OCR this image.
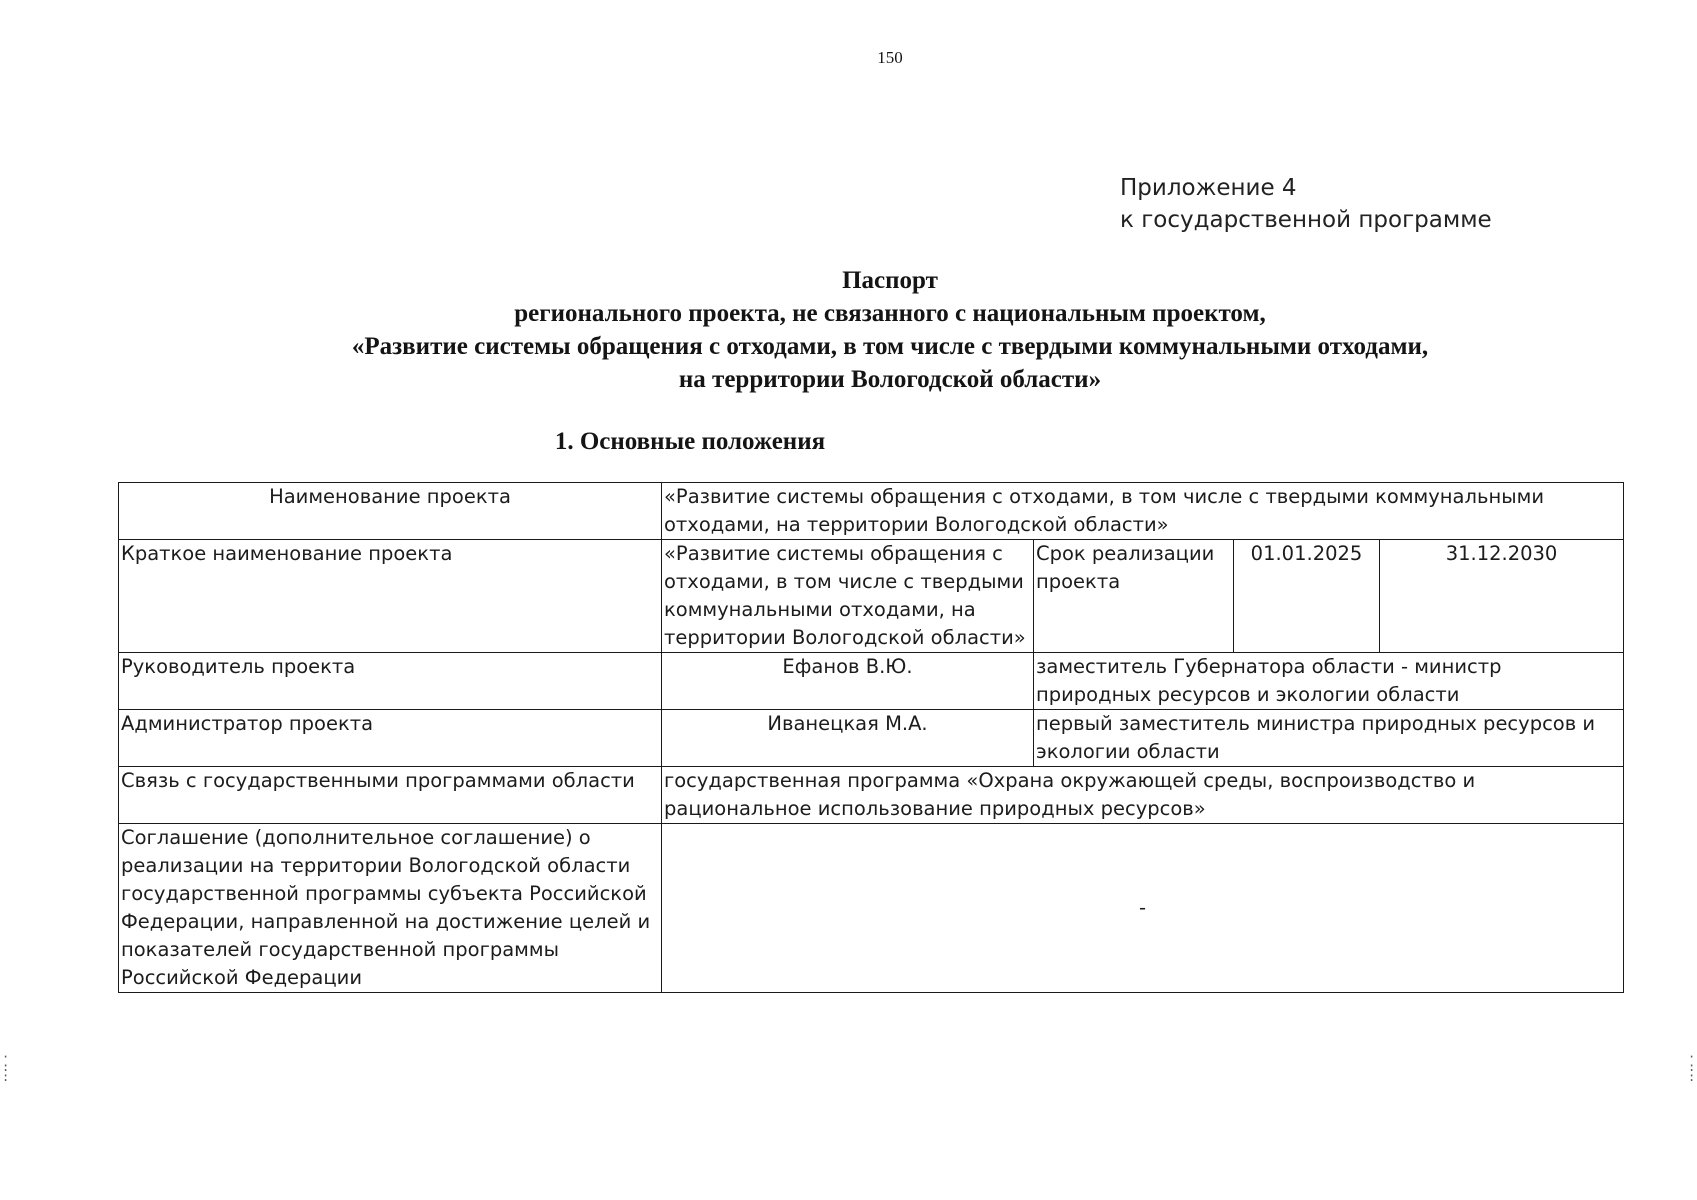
150
Приложение 4
к государственной программе
Паспорт
регионального проекта, не связанного с национальным проектом,
«Развитие системы обращения с отходами, в том числе с твердыми коммунальными отходами,
на территории Вологодской области»
1. Основные положения
Наименование проекта	«Развитие системы обращения с отходами, в том числе с твердыми коммунальными отходами, на территории Вологодской области»			
Краткое наименование проекта	«Развитие системы обращения с отходами, в том числе с твердыми коммунальными отходами, на территории Вологодской области»	Срок реализации проекта	01.01.2025	31.12.2030
Руководитель проекта	Ефанов В.Ю.	заместитель Губернатора области - министр природных ресурсов и экологии области		
Администратор проекта	Иванецкая М.А.	первый заместитель министра природных ресурсов и экологии области		
Связь с государственными программами области	государственная программа «Охрана окружающей среды, воспроизводство и рациональное использование природных ресурсов»			
Соглашение (дополнительное соглашение) о реализации на территории Вологодской области государственной программы субъекта Российской Федерации, направленной на достижение целей и показателей государственной программы Российской Федерации	-			
·
:
:
·
:
:
